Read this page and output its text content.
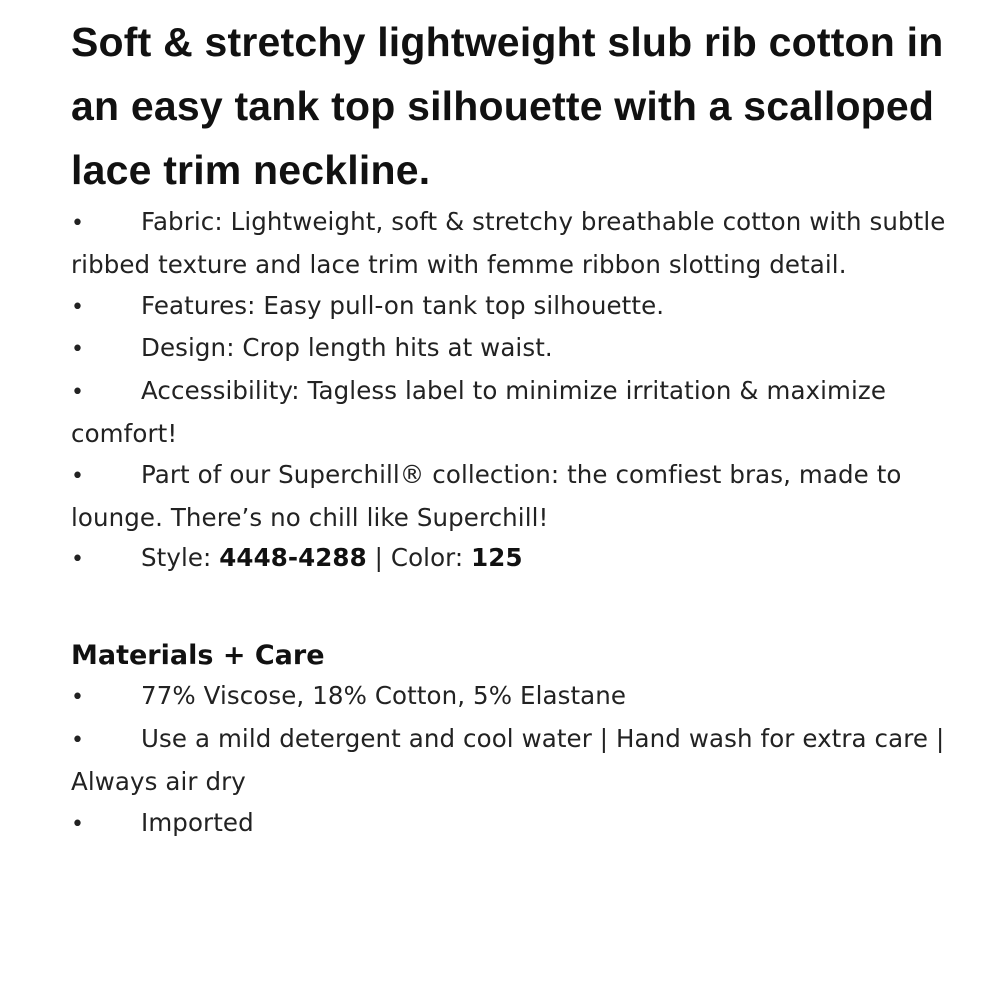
Soft & stretchy lightweight slub rib cotton in an easy tank top silhouette with a scalloped lace trim neckline.
• Fabric: Lightweight, soft & stretchy breathable cotton with subtle ribbed texture and lace trim with femme ribbon slotting detail.
• Features: Easy pull-on tank top silhouette.
• Design: Crop length hits at waist.
• Accessibility: Tagless label to minimize irritation & maximize comfort!
• Part of our Superchill® collection: the comfiest bras, made to lounge. There’s no chill like Superchill!
• Style: 4448-4288 | Color: 125
Materials + Care
• 77% Viscose, 18% Cotton, 5% Elastane
• Use a mild detergent and cool water | Hand wash for extra care | Always air dry
• Imported
